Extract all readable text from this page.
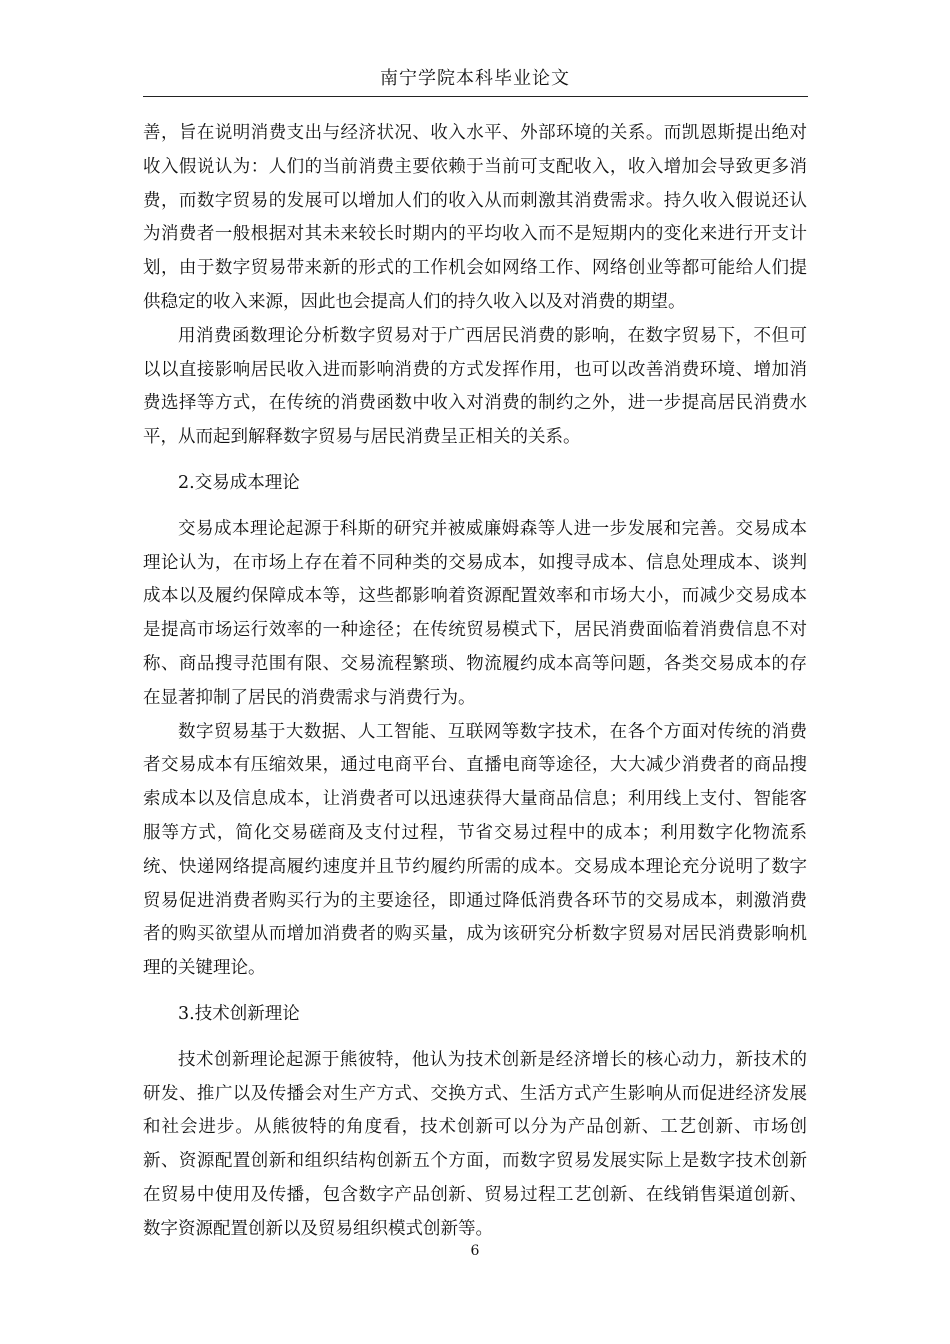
南宁学院本科毕业论文

善，旨在说明消费支出与经济状况、收入水平、外部环境的关系。而凯恩斯提出绝对收入假说认为：人们的当前消费主要依赖于当前可支配收入，收入增加会导致更多消费，而数字贸易的发展可以增加人们的收入从而刺激其消费需求。持久收入假说还认为消费者一般根据对其未来较长时期内的平均收入而不是短期内的变化来进行开支计划，由于数字贸易带来新的形式的工作机会如网络工作、网络创业等都可能给人们提供稳定的收入来源，因此也会提高人们的持久收入以及对消费的期望。

用消费函数理论分析数字贸易对于广西居民消费的影响，在数字贸易下，不但可以以直接影响居民收入进而影响消费的方式发挥作用，也可以改善消费环境、增加消费选择等方式，在传统的消费函数中收入对消费的制约之外，进一步提高居民消费水平，从而起到解释数字贸易与居民消费呈正相关的关系。

2.交易成本理论

交易成本理论起源于科斯的研究并被威廉姆森等人进一步发展和完善。交易成本理论认为，在市场上存在着不同种类的交易成本，如搜寻成本、信息处理成本、谈判成本以及履约保障成本等，这些都影响着资源配置效率和市场大小，而减少交易成本是提高市场运行效率的一种途径；在传统贸易模式下，居民消费面临着消费信息不对称、商品搜寻范围有限、交易流程繁琐、物流履约成本高等问题，各类交易成本的存在显著抑制了居民的消费需求与消费行为。

数字贸易基于大数据、人工智能、互联网等数字技术，在各个方面对传统的消费者交易成本有压缩效果，通过电商平台、直播电商等途径，大大减少消费者的商品搜索成本以及信息成本，让消费者可以迅速获得大量商品信息；利用线上支付、智能客服等方式，简化交易磋商及支付过程，节省交易过程中的成本；利用数字化物流系统、快递网络提高履约速度并且节约履约所需的成本。交易成本理论充分说明了数字贸易促进消费者购买行为的主要途径，即通过降低消费各环节的交易成本，刺激消费者的购买欲望从而增加消费者的购买量，成为该研究分析数字贸易对居民消费影响机理的关键理论。

3.技术创新理论

技术创新理论起源于熊彼特，他认为技术创新是经济增长的核心动力，新技术的研发、推广以及传播会对生产方式、交换方式、生活方式产生影响从而促进经济发展和社会进步。从熊彼特的角度看，技术创新可以分为产品创新、工艺创新、市场创新、资源配置创新和组织结构创新五个方面，而数字贸易发展实际上是数字技术创新在贸易中使用及传播，包含数字产品创新、贸易过程工艺创新、在线销售渠道创新、数字资源配置创新以及贸易组织模式创新等。

6
